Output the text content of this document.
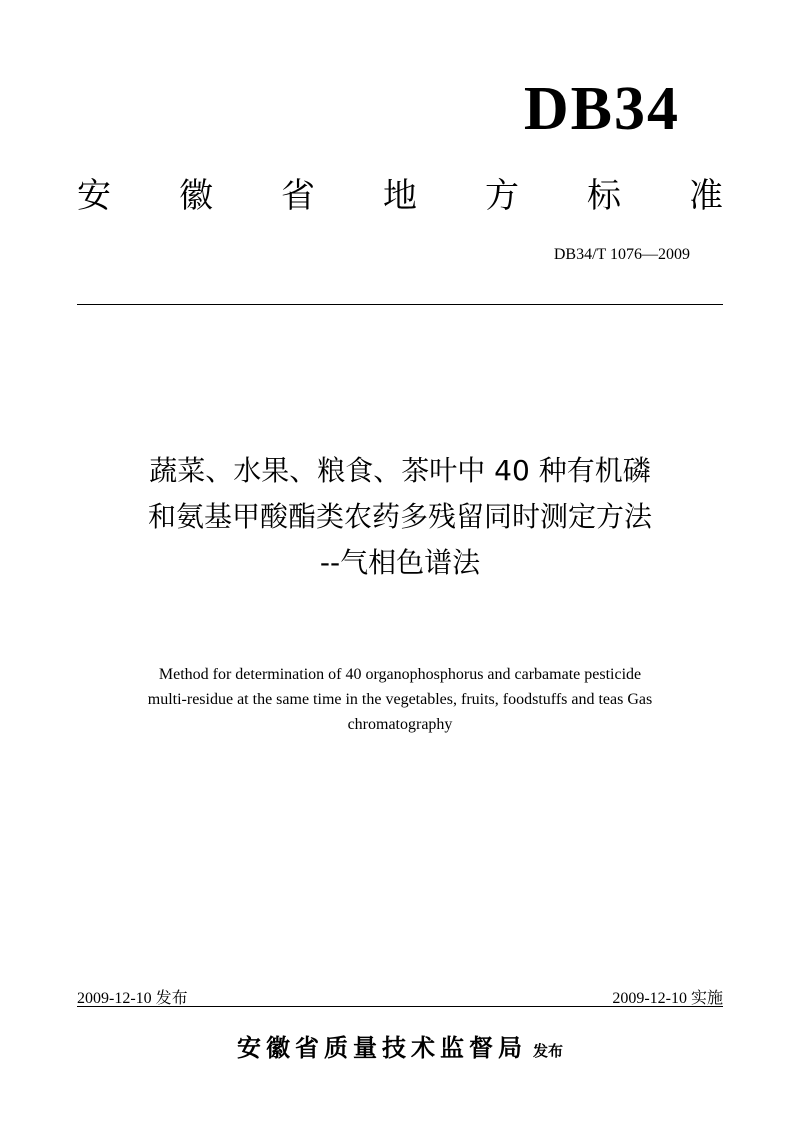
DB34
安 徽 省 地 方 标 准
DB34/T 1076—2009
蔬菜、水果、粮食、茶叶中 40 种有机磷
和氨基甲酸酯类农药多残留同时测定方法
--气相色谱法
Method for determination of 40 organophosphorus and carbamate pesticide
multi-residue at the same time in the vegetables, fruits, foodstuffs and teas Gas
chromatography
2009-12-10 发布	2009-12-10 实施
安徽省质量技术监督局 发布
